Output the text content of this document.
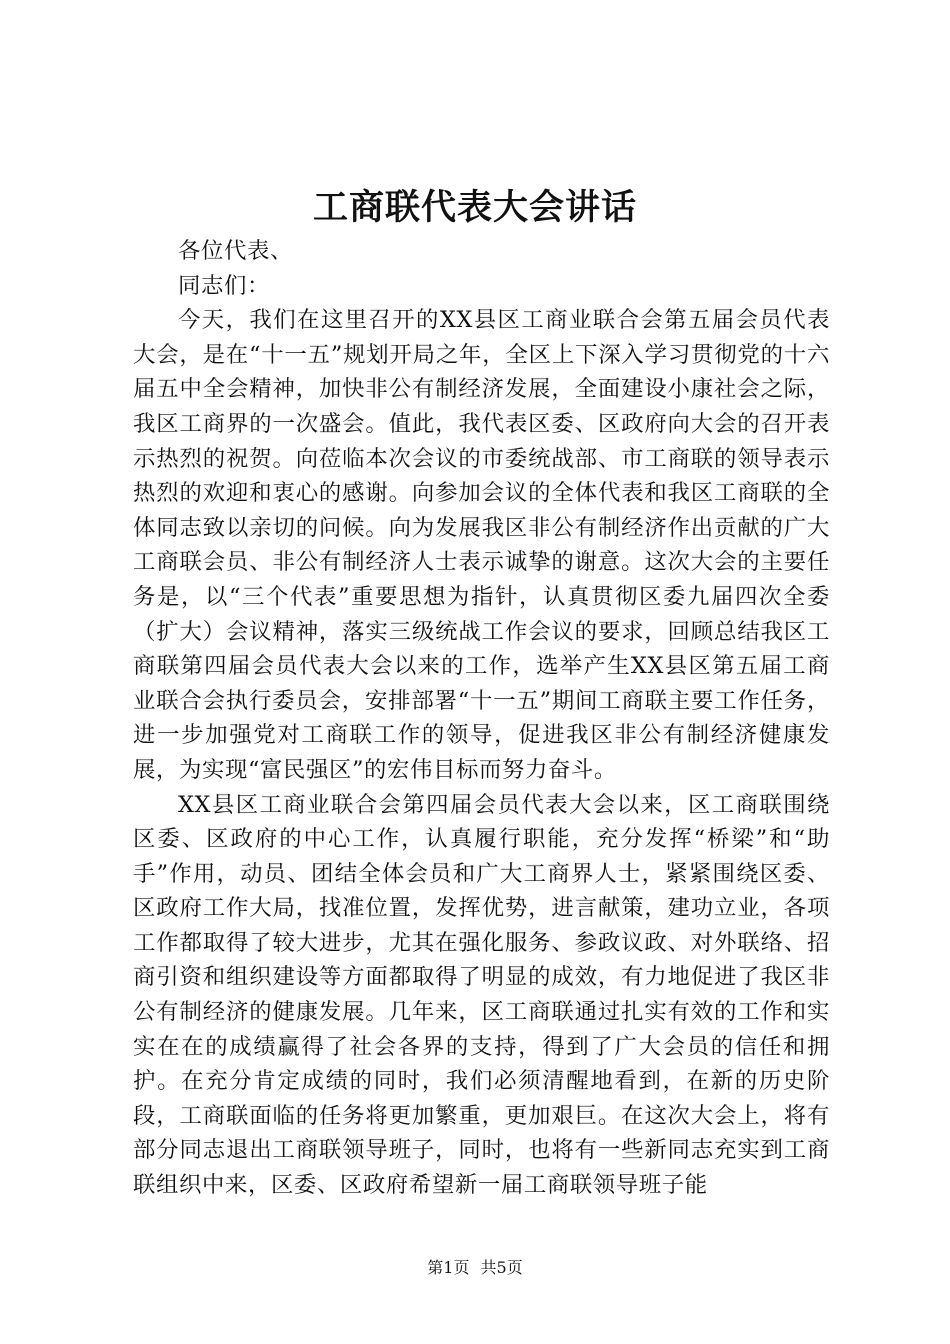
工商联代表大会讲话

各位代表、

同志们：

今天，我们在这里召开的XX县区工商业联合会第五届会员代表大会，是在“十一五”规划开局之年，全区上下深入学习贯彻党的十六届五中全会精神，加快非公有制经济发展，全面建设小康社会之际，我区工商界的一次盛会。值此，我代表区委、区政府向大会的召开表示热烈的祝贺。向莅临本次会议的市委统战部、市工商联的领导表示热烈的欢迎和衷心的感谢。向参加会议的全体代表和我区工商联的全体同志致以亲切的问候。向为发展我区非公有制经济作出贡献的广大工商联会员、非公有制经济人士表示诚挚的谢意。这次大会的主要任务是，以“三个代表”重要思想为指针，认真贯彻区委九届四次全委（扩大）会议精神，落实三级统战工作会议的要求，回顾总结我区工商联第四届会员代表大会以来的工作，选举产生XX县区第五届工商业联合会执行委员会，安排部署“十一五”期间工商联主要工作任务，进一步加强党对工商联工作的领导，促进我区非公有制经济健康发展，为实现“富民强区”的宏伟目标而努力奋斗。

XX县区工商业联合会第四届会员代表大会以来，区工商联围绕区委、区政府的中心工作，认真履行职能，充分发挥“桥梁”和“助手”作用，动员、团结全体会员和广大工商界人士，紧紧围绕区委、区政府工作大局，找准位置，发挥优势，进言献策，建功立业，各项工作都取得了较大进步，尤其在强化服务、参政议政、对外联络、招商引资和组织建设等方面都取得了明显的成效，有力地促进了我区非公有制经济的健康发展。几年来，区工商联通过扎实有效的工作和实实在在的成绩赢得了社会各界的支持，得到了广大会员的信任和拥护。在充分肯定成绩的同时，我们必须清醒地看到，在新的历史阶段，工商联面临的任务将更加繁重，更加艰巨。在这次大会上，将有部分同志退出工商联领导班子，同时，也将有一些新同志充实到工商联组织中来，区委、区政府希望新一届工商联领导班子能

第1页 共5页
